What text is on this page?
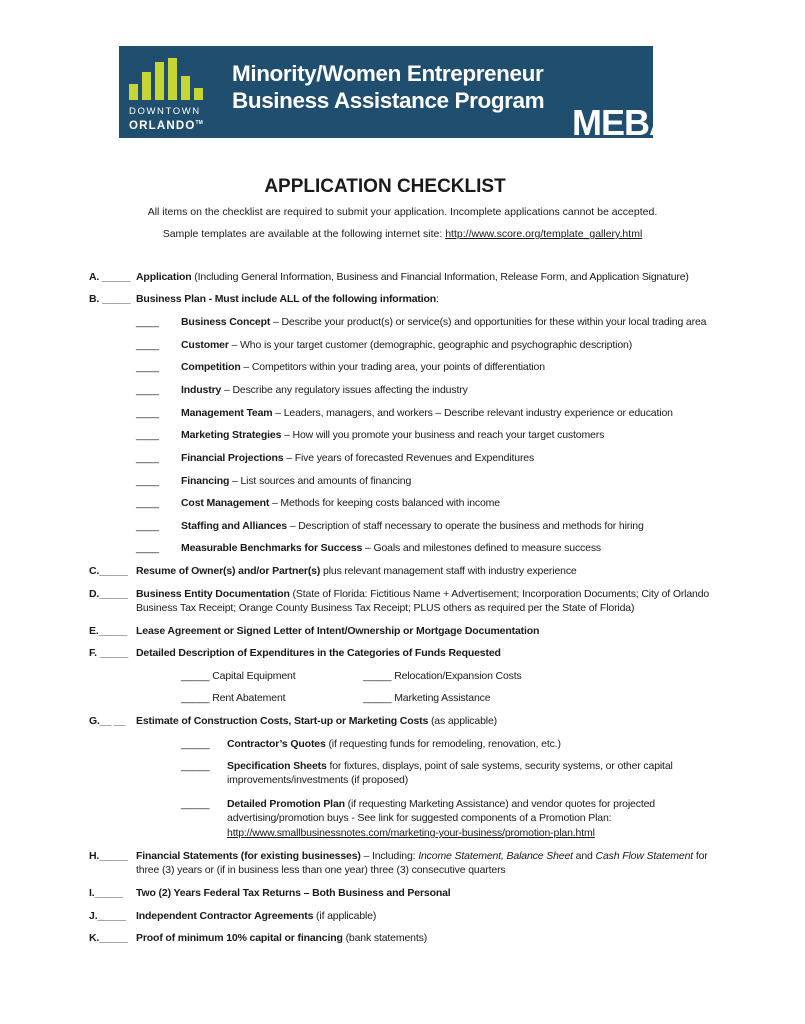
DOWNTOWN
ORLANDO™
Minority/Women Entrepreneur
Business Assistance Program
MEBA
APPLICATION CHECKLIST
All items on the checklist are required to submit your application. Incomplete applications cannot be accepted.
Sample templates are available at the following internet site: http://www.score.org/template_gallery.html
A. _____ Application (Including General Information, Business and Financial Information, Release Form, and Application Signature)
B. _____ Business Plan - Must include ALL of the following information:
____ Business Concept – Describe your product(s) or service(s) and opportunities for these within your local trading area
____ Customer – Who is your target customer (demographic, geographic and psychographic description)
____ Competition – Competitors within your trading area, your points of differentiation
____ Industry – Describe any regulatory issues affecting the industry
____ Management Team – Leaders, managers, and workers – Describe relevant industry experience or education
____ Marketing Strategies – How will you promote your business and reach your target customers
____ Financial Projections – Five years of forecasted Revenues and Expenditures
____ Financing – List sources and amounts of financing
____ Cost Management – Methods for keeping costs balanced with income
____ Staffing and Alliances – Description of staff necessary to operate the business and methods for hiring
____ Measurable Benchmarks for Success – Goals and milestones defined to measure success
C._____ Resume of Owner(s) and/or Partner(s) plus relevant management staff with industry experience
D._____ Business Entity Documentation (State of Florida: Fictitious Name + Advertisement; Incorporation Documents; City of Orlando
Business Tax Receipt; Orange County Business Tax Receipt; PLUS others as required per the State of Florida)
E._____ Lease Agreement or Signed Letter of Intent/Ownership or Mortgage Documentation
F. _____ Detailed Description of Expenditures in the Categories of Funds Requested
_____ Capital Equipment	_____ Relocation/Expansion Costs
_____ Rent Abatement	_____ Marketing Assistance
G.__ __ Estimate of Construction Costs, Start-up or Marketing Costs (as applicable)
_____ Contractor’s Quotes (if requesting funds for remodeling, renovation, etc.)
_____ Specification Sheets for fixtures, displays, point of sale systems, security systems, or other capital
improvements/investments (if proposed)
_____ Detailed Promotion Plan (if requesting Marketing Assistance) and vendor quotes for projected
advertising/promotion buys - See link for suggested components of a Promotion Plan:
http://www.smallbusinessnotes.com/marketing-your-business/promotion-plan.html
H._____ Financial Statements (for existing businesses) – Including: Income Statement, Balance Sheet and Cash Flow Statement for
three (3) years or (if in business less than one year) three (3) consecutive quarters
I._____ Two (2) Years Federal Tax Returns – Both Business and Personal
J._____ Independent Contractor Agreements (if applicable)
K._____ Proof of minimum 10% capital or financing (bank statements)
